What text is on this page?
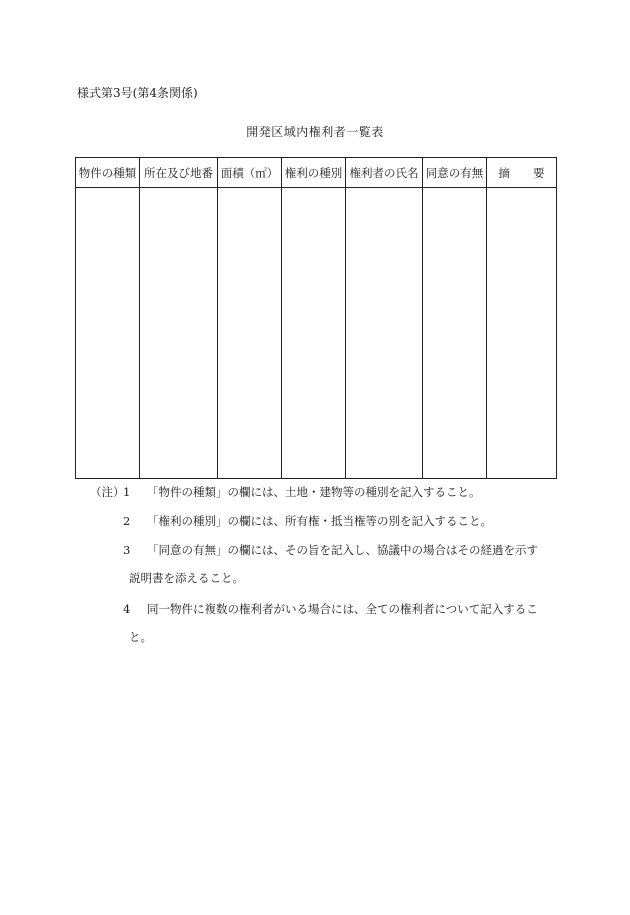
様式第3号(第4条関係)
開発区域内権利者一覧表
物件の種類	所在及び地番	面積（㎡）	権利の種別	権利者の氏名	同意の有無	摘　　要

（注）
1 「物件の種類」の欄には、土地・建物等の種別を記入すること。
2 「権利の種別」の欄には、所有権・抵当権等の別を記入すること。
3 「同意の有無」の欄には、その旨を記入し、協議中の場合はその経過を示す
説明書を添えること。
4 同一物件に複数の権利者がいる場合には、全ての権利者について記入するこ
と。
